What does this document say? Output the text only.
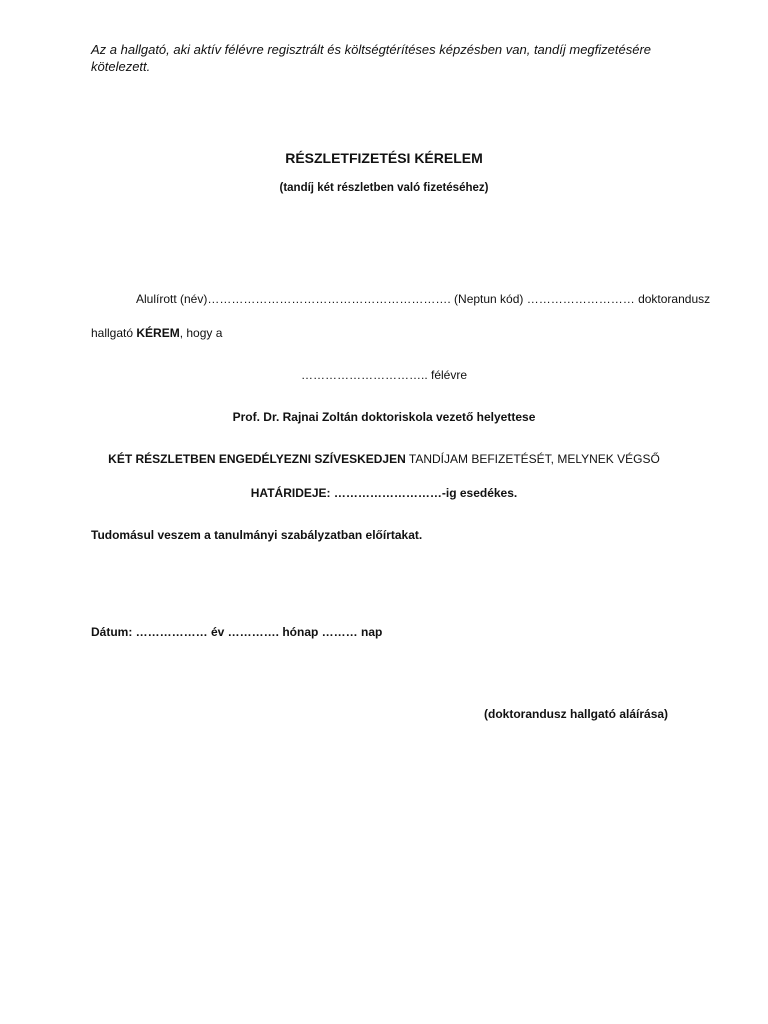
Az a hallgató, aki aktív félévre regisztrált és költségtérítéses képzésben van, tandíj megfizetésére kötelezett.
RÉSZLETFIZETÉSI KÉRELEM
(tandíj két részletben való fizetéséhez)
Alulírott (név)……………………………………………………. (Neptun kód) ……………………… doktorandusz
hallgató KÉREM, hogy a
………………………….. félévre
Prof. Dr. Rajnai Zoltán doktoriskola vezető helyettese
KÉT RÉSZLETBEN ENGEDÉLYEZNI SZÍVESKEDJEN TANDÍJAM BEFIZETÉSÉT, MELYNEK VÉGSŐ
HATÁRIDEJE: ………………………-ig esedékes.
Tudomásul veszem a tanulmányi szabályzatban előírtakat.
Dátum: ……………… év …………. hónap ……… nap
(doktorandusz hallgató aláírása)
